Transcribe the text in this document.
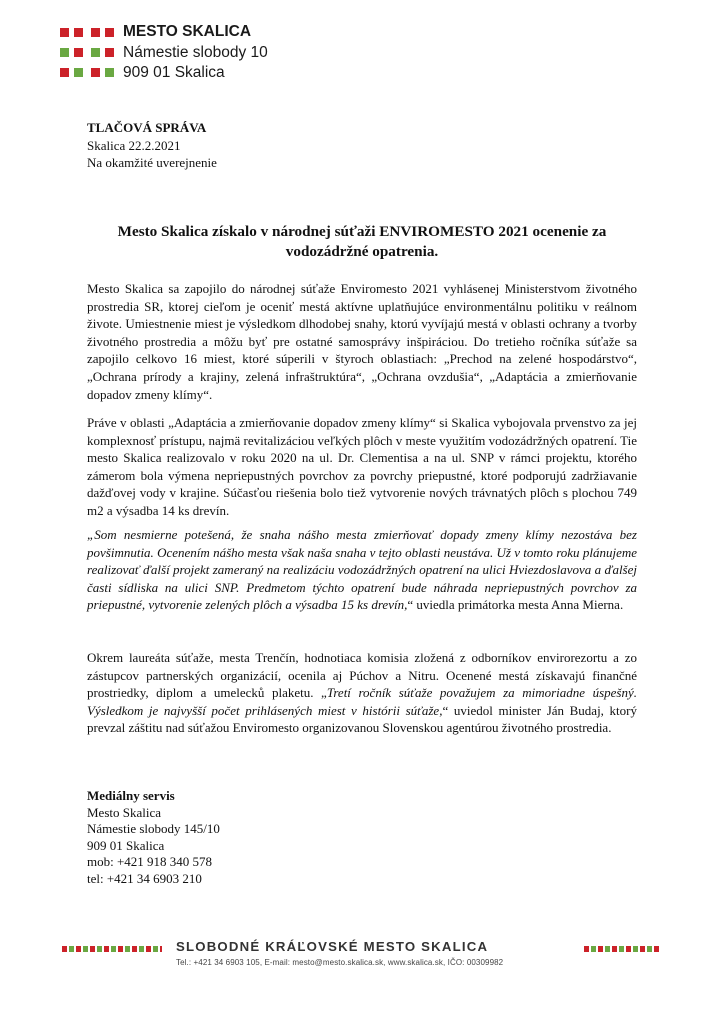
MESTO SKALICA
Námestie slobody 10
909 01 Skalica
TLAČOVÁ SPRÁVA
Skalica 22.2.2021
Na okamžité uverejnenie
Mesto Skalica získalo v národnej súťaži ENVIROMESTO 2021 ocenenie za vodozádržné opatrenia.

Mesto Skalica sa zapojilo do národnej súťaže Enviromesto 2021 vyhlásenej Ministerstvom životného prostredia SR, ktorej cieľom je oceniť mestá aktívne uplatňujúce environmentálnu politiku v reálnom živote. Umiestnenie miest je výsledkom dlhodobej snahy, ktorú vyvíjajú mestá v oblasti ochrany a tvorby životného prostredia a môžu byť pre ostatné samosprávy inšpiráciou. Do tretieho ročníka súťaže sa zapojilo celkovo 16 miest, ktoré súperili v štyroch oblastiach: „Prechod na zelené hospodárstvo“, „Ochrana prírody a krajiny, zelená infraštruktúra“, „Ochrana ovzdušia“, „Adaptácia a zmierňovanie dopadov zmeny klímy“.

Práve v oblasti „Adaptácia a zmierňovanie dopadov zmeny klímy“ si Skalica vybojovala prvenstvo za jej komplexnosť prístupu, najmä revitalizáciou veľkých plôch v meste využitím vodozádržných opatrení. Tie mesto Skalica realizovalo v roku 2020 na ul. Dr. Clementisa a na ul. SNP v rámci projektu, ktorého zámerom bola výmena nepriepustných povrchov za povrchy priepustné, ktoré podporujú zadržiavanie dažďovej vody v krajine. Súčasťou riešenia bolo tiež vytvorenie nových trávnatých plôch s plochou 749 m2 a výsadba 14 ks drevín.

„Som nesmierne potešená, že snaha nášho mesta zmierňovať dopady zmeny klímy nezostáva bez povšimnutia. Ocenením nášho mesta však naša snaha v tejto oblasti neustáva. Už v tomto roku plánujeme realizovať ďalší projekt zameraný na realizáciu vodozádržných opatrení na ulici Hviezdoslavova a ďalšej časti sídliska na ulici SNP. Predmetom týchto opatrení bude náhrada nepriepustných povrchov za priepustné, vytvorenie zelených plôch a výsadba 15 ks drevín,“ uviedla primátorka mesta Anna Mierna.

Okrem laureáta súťaže, mesta Trenčín, hodnotiaca komisia zložená z odborníkov envirorezortu a zo zástupcov partnerských organizácií, ocenila aj Púchov a Nitru. Ocenené mestá získavajú finančné prostriedky, diplom a umelecků plaketu. „Tretí ročník súťaže považujem za mimoriadne úspešný. Výsledkom je najvyšší počet prihlásených miest v histórii súťaže,“ uviedol minister Ján Budaj, ktorý prevzal záštitu nad súťažou Enviromesto organizovanou Slovenskou agentúrou životného prostredia.

Mediálny servis
Mesto Skalica
Námestie slobody 145/10
909 01 Skalica
mob: +421 918 340 578
tel: +421 34 6903 210
SLOBODNÉ KRÁĽOVSKÉ MESTO SKALICA
Tel.: +421 34 6903 105, E-mail: mesto@mesto.skalica.sk, www.skalica.sk, IČO: 00309982
